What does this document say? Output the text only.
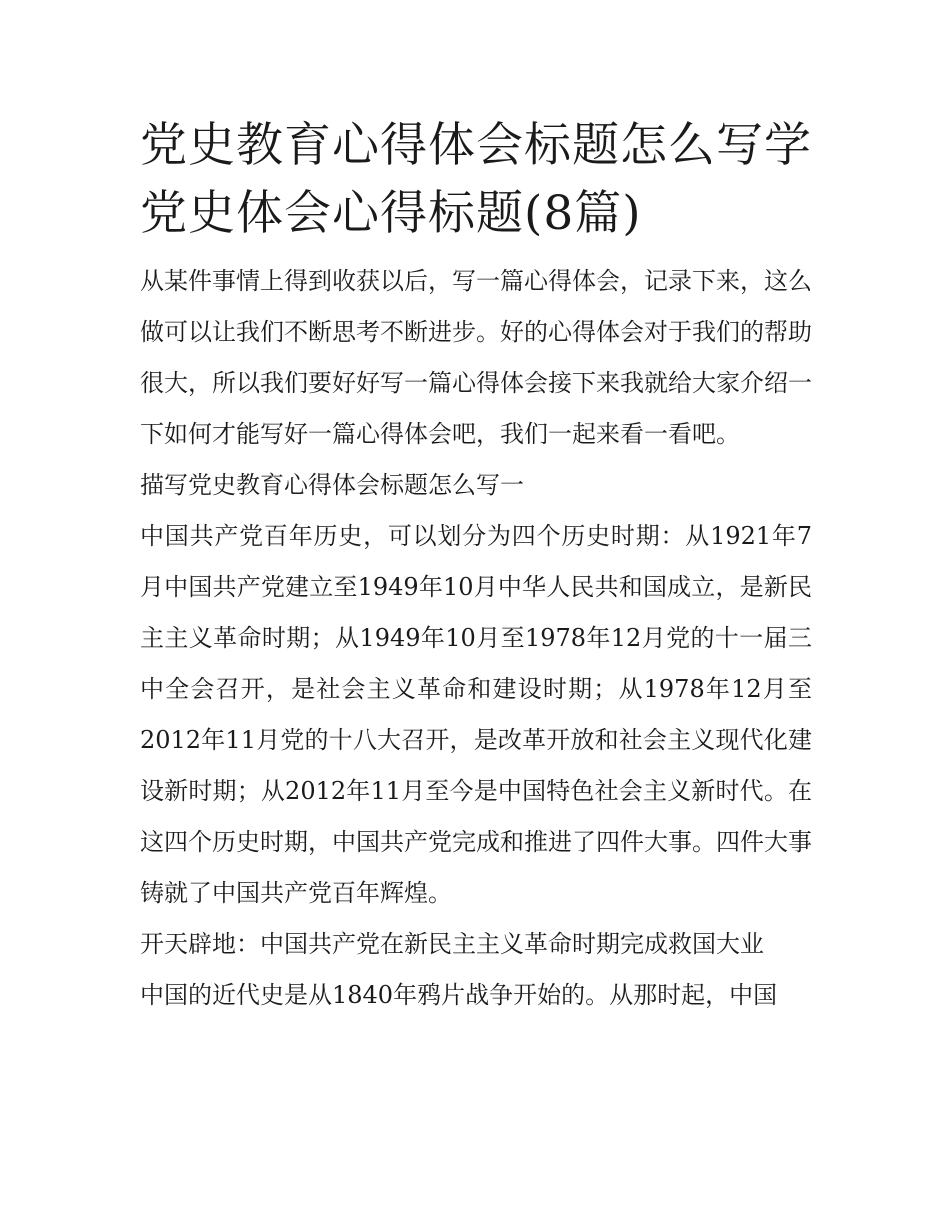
党史教育心得体会标题怎么写学党史体会心得标题(8篇)

从某件事情上得到收获以后，写一篇心得体会，记录下来，这么做可以让我们不断思考不断进步。好的心得体会对于我们的帮助很大，所以我们要好好写一篇心得体会接下来我就给大家介绍一下如何才能写好一篇心得体会吧，我们一起来看一看吧。

描写党史教育心得体会标题怎么写一

中国共产党百年历史，可以划分为四个历史时期：从1921年7月中国共产党建立至1949年10月中华人民共和国成立，是新民主主义革命时期；从1949年10月至1978年12月党的十一届三中全会召开，是社会主义革命和建设时期；从1978年12月至2012年11月党的十八大召开，是改革开放和社会主义现代化建设新时期；从2012年11月至今是中国特色社会主义新时代。在这四个历史时期，中国共产党完成和推进了四件大事。四件大事铸就了中国共产党百年辉煌。

开天辟地：中国共产党在新民主主义革命时期完成救国大业

中国的近代史是从1840年鸦片战争开始的。从那时起，中国
